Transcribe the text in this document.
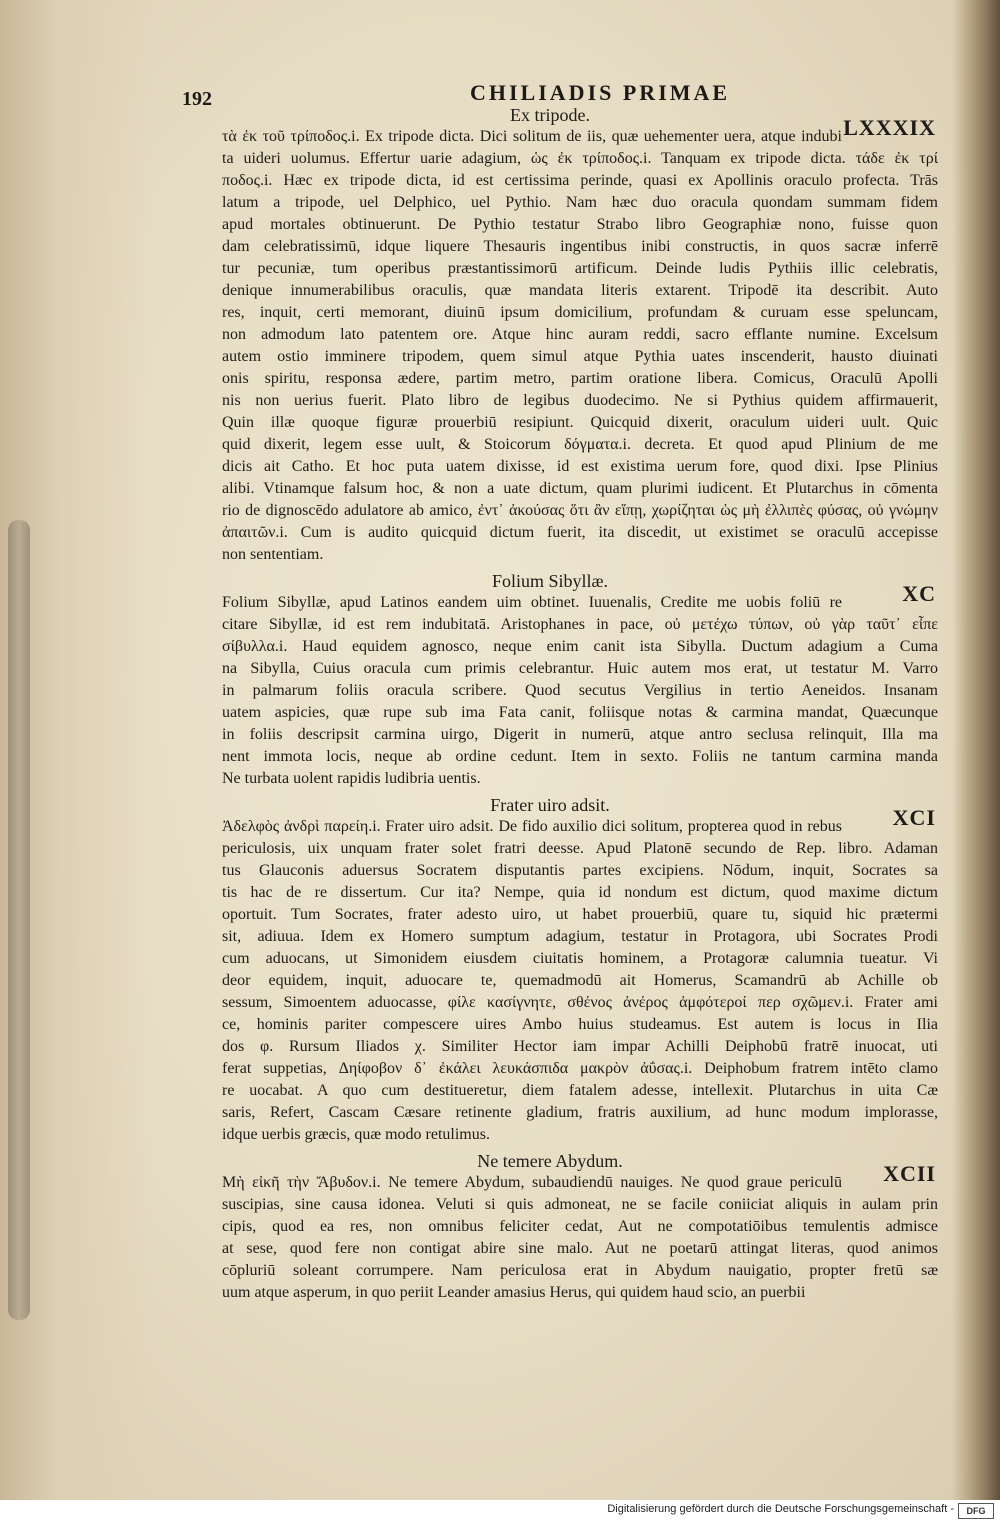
192	CHILIADIS PRIMAE
Ex tripode.	LXXXIX
τὰ ἐκ τοῦ τρίποδος.i. Ex tripode dicta. Dici solitum de iis, quæ uehementer uera, atque indubi
ta uideri uolumus. Effertur uarie adagium, ὡς ἐκ τρίποδος.i. Tanquam ex tripode dicta. τάδε ἐκ τρί
ποδος.i. Hæc ex tripode dicta, id est certissima perinde, quasi ex Apollinis oraculo profecta. Trās
latum a tripode, uel Delphico, uel Pythio. Nam hæc duo oracula quondam summam fidem
apud mortales obtinuerunt. De Pythio testatur Strabo libro Geographiæ nono, fuisse quon
dam celebratissimū, idque liquere Thesauris ingentibus inibi constructis, in quos sacræ inferrē
tur pecuniæ, tum operibus præstantissimorū artificum. Deinde ludis Pythiis illic celebratis,
denique innumerabilibus oraculis, quæ mandata literis extarent. Tripodē ita describit. Auto
res, inquit, certi memorant, diuinū ipsum domicilium, profundam & curuam esse speluncam,
non admodum lato patentem ore. Atque hinc auram reddi, sacro efflante numine. Excelsum
autem ostio imminere tripodem, quem simul atque Pythia uates inscenderit, hausto diuinati
onis spiritu, responsa ædere, partim metro, partim oratione libera. Comicus, Oraculū Apolli
nis non uerius fuerit. Plato libro de legibus duodecimo. Ne si Pythius quidem affirmauerit,
Quin illæ quoque figuræ prouerbiū resipiunt. Quicquid dixerit, oraculum uideri uult. Quic
quid dixerit, legem esse uult, & Stoicorum δόγματα.i. decreta. Et quod apud Plinium de me
dicis ait Catho. Et hoc puta uatem dixisse, id est existima uerum fore, quod dixi. Ipse Plinius
alibi. Vtinamque falsum hoc, & non a uate dictum, quam plurimi iudicent. Et Plutarchus in cōmenta
rio de dignoscēdo adulatore ab amico, ἐντ᾽ ἀκούσας ὅτι ἂν εἴπῃ, χωρίζηται ὡς μὴ ἐλλιπὲς φύσας, οὐ γνώμην
ἀπαιτῶν.i. Cum is audito quicquid dictum fuerit, ita discedit, ut existimet se oraculū accepisse
non sententiam.
Folium Sibyllæ.	XC
Folium Sibyllæ, apud Latinos eandem uim obtinet. Iuuenalis, Credite me uobis foliū re
citare Sibyllæ, id est rem indubitatā. Aristophanes in pace, οὐ μετέχω τύπων, οὐ γὰρ ταῦτ᾽ εἶπε
σίβυλλα.i. Haud equidem agnosco, neque enim canit ista Sibylla. Ductum adagium a Cuma
na Sibylla, Cuius oracula cum primis celebrantur. Huic autem mos erat, ut testatur M. Varro
in palmarum foliis oracula scribere. Quod secutus Vergilius in tertio Aeneidos. Insanam
uatem aspicies, quæ rupe sub ima Fata canit, foliisque notas & carmina mandat, Quæcunque
in foliis descripsit carmina uirgo, Digerit in numerū, atque antro seclusa relinquit, Illa ma
nent immota locis, neque ab ordine cedunt. Item in sexto. Foliis ne tantum carmina manda
Ne turbata uolent rapidis ludibria uentis.
Frater uiro adsit.	XCI
Ἀδελφὸς ἀνδρὶ παρείη.i. Frater uiro adsit. De fido auxilio dici solitum, propterea quod in rebus
periculosis, uix unquam frater solet fratri deesse. Apud Platonē secundo de Rep. libro. Adaman
tus Glauconis aduersus Socratem disputantis partes excipiens. Nōdum, inquit, Socrates sa
tis hac de re dissertum. Cur ita? Nempe, quia id nondum est dictum, quod maxime dictum
oportuit. Tum Socrates, frater adesto uiro, ut habet prouerbiū, quare tu, siquid hic prætermi
sit, adiuua. Idem ex Homero sumptum adagium, testatur in Protagora, ubi Socrates Prodi
cum aduocans, ut Simonidem eiusdem ciuitatis hominem, a Protagoræ calumnia tueatur. Vi
deor equidem, inquit, aduocare te, quemadmodū ait Homerus, Scamandrū ab Achille ob
sessum, Simoentem aduocasse, φίλε κασίγνητε, σθένος ἀνέρος ἀμφότεροί περ σχῶμεν.i. Frater ami
ce, hominis pariter compescere uires Ambo huius studeamus. Est autem is locus in Ilia
dos φ. Rursum Iliados χ. Similiter Hector iam impar Achilli Deiphobū fratrē inuocat, uti
ferat suppetias, Δηίφοβον δ᾽ ἐκάλει λευκάσπιδα μακρὸν ἀΰσας.i. Deiphobum fratrem intēto clamo
re uocabat. A quo cum destitueretur, diem fatalem adesse, intellexit. Plutarchus in uita Cæ
saris, Refert, Cascam Cæsare retinente gladium, fratris auxilium, ad hunc modum implorasse,
idque uerbis græcis, quæ modo retulimus.
Ne temere Abydum.	XCII
Μὴ εἰκῆ τὴν Ἄβυδον.i. Ne temere Abydum, subaudiendū nauiges. Ne quod graue periculū
suscipias, sine causa idonea. Veluti si quis admoneat, ne se facile coniiciat aliquis in aulam prin
cipis, quod ea res, non omnibus feliciter cedat, Aut ne compotatiōibus temulentis admisce
at sese, quod fere non contigat abire sine malo. Aut ne poetarū attingat literas, quod animos
cōpluriū soleant corrumpere. Nam periculosa erat in Abydum nauigatio, propter fretū sæ
uum atque asperum, in quo periit Leander amasius Herus, qui quidem haud scio, an puerbii
Digitalisierung gefördert durch die Deutsche Forschungsgemeinschaft -	DFG
